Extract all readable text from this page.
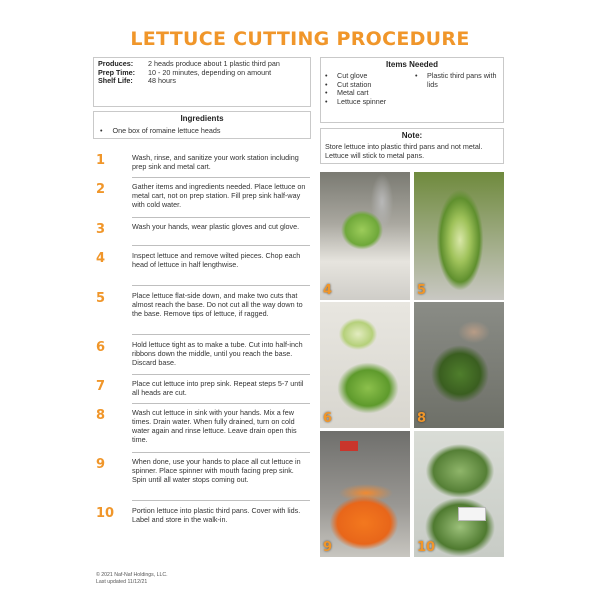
LETTUCE CUTTING PROCEDURE
Produces:	2 heads produce about 1 plastic third pan
Prep Time:	10 - 20 minutes, depending on amount
Shelf Life:	48 hours
Ingredients
• One box of romaine lettuce heads
Items Needed
• Cut glove
• Cut station
• Metal cart
• Lettuce spinner
• Plastic third pans with lids
Note:
Store lettuce into plastic third pans and not metal. Lettuce will stick to metal pans.
1	Wash, rinse, and sanitize your work station including prep sink and metal cart.
2	Gather items and ingredients needed. Place lettuce on metal cart, not on prep station. Fill prep sink half-way with cold water.
3	Wash your hands, wear plastic gloves and cut glove.
4	Inspect lettuce and remove wilted pieces. Chop each head of lettuce in half lengthwise.
5	Place lettuce flat-side down, and make two cuts that almost reach the base. Do not cut all the way down to the base. Remove tips of lettuce, if ragged.
6	Hold lettuce tight as to make a tube. Cut into half-inch ribbons down the middle, until you reach the base. Discard base.
7	Place cut lettuce into prep sink. Repeat steps 5-7 until all heads are cut.
8	Wash cut lettuce in sink with your hands. Mix a few times. Drain water. When fully drained, turn on cold water again and rinse lettuce. Leave drain open this time.
9	When done, use your hands to place all cut lettuce in spinner. Place spinner with mouth facing prep sink. Spin until all water stops coming out.
10	Portion lettuce into plastic third pans. Cover with lids. Label and store in the walk-in.
4	5
6	8
9	10
© 2021 Naf-Naf Holdings, LLC.
Last updated 11/12/21
